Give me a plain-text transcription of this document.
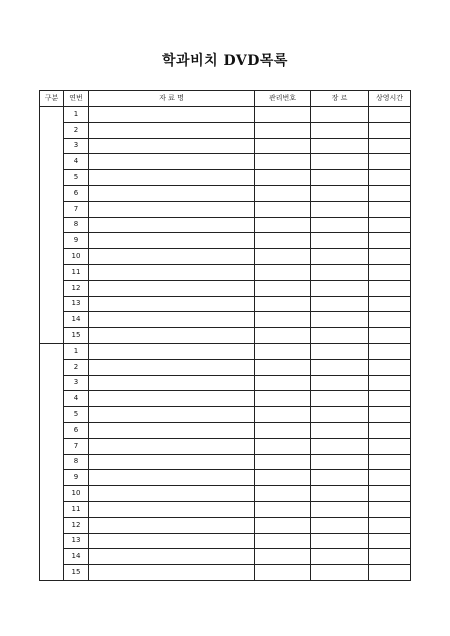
학과비치 DVD목록
구분	연번	자 료 명	관리번호	장 르	상영시간
	1				
	2				
	3				
	4				
	5				
	6				
	7				
	8				
	9				
	10				
	11				
	12				
	13				
	14				
	15				
	1				
	2				
	3				
	4				
	5				
	6				
	7				
	8				
	9				
	10				
	11				
	12				
	13				
	14				
	15				
